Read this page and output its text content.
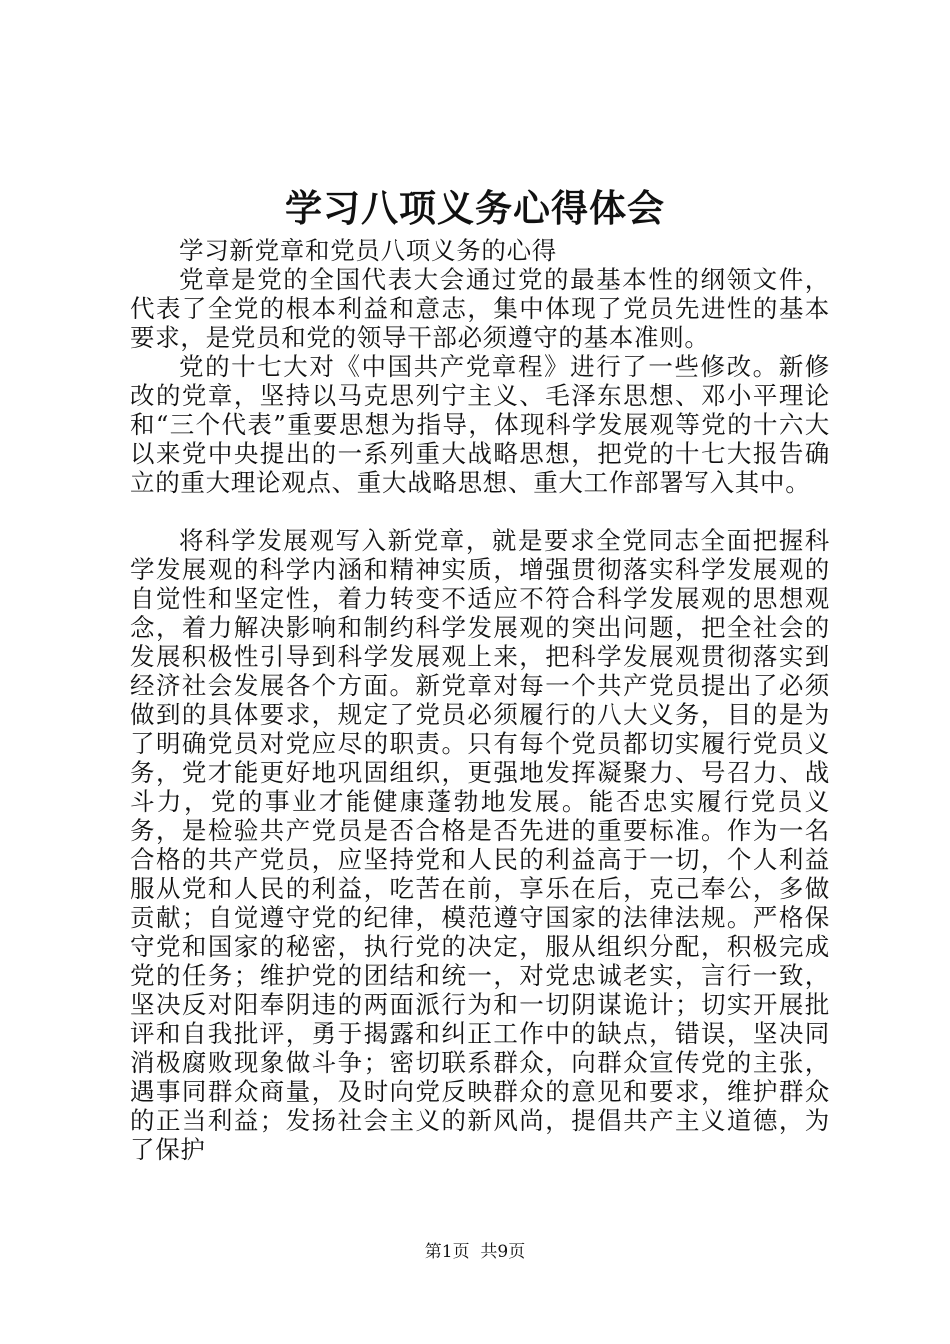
学习八项义务心得体会

学习新党章和党员八项义务的心得

党章是党的全国代表大会通过党的最基本性的纲领文件，代表了全党的根本利益和意志，集中体现了党员先进性的基本要求，是党员和党的领导干部必须遵守的基本准则。

党的十七大对《中国共产党章程》进行了一些修改。新修改的党章，坚持以马克思列宁主义、毛泽东思想、邓小平理论和“三个代表”重要思想为指导，体现科学发展观等党的十六大以来党中央提出的一系列重大战略思想，把党的十七大报告确立的重大理论观点、重大战略思想、重大工作部署写入其中。

将科学发展观写入新党章，就是要求全党同志全面把握科学发展观的科学内涵和精神实质，增强贯彻落实科学发展观的自觉性和坚定性，着力转变不适应不符合科学发展观的思想观念，着力解决影响和制约科学发展观的突出问题，把全社会的发展积极性引导到科学发展观上来，把科学发展观贯彻落实到经济社会发展各个方面。新党章对每一个共产党员提出了必须做到的具体要求，规定了党员必须履行的八大义务，目的是为了明确党员对党应尽的职责。只有每个党员都切实履行党员义务，党才能更好地巩固组织，更强地发挥凝聚力、号召力、战斗力，党的事业才能健康蓬勃地发展。能否忠实履行党员义务，是检验共产党员是否合格是否先进的重要标准。作为一名合格的共产党员，应坚持党和人民的利益高于一切，个人利益服从党和人民的利益，吃苦在前，享乐在后，克己奉公，多做贡献；自觉遵守党的纪律，模范遵守国家的法律法规。严格保守党和国家的秘密，执行党的决定，服从组织分配，积极完成党的任务；维护党的团结和统一，对党忠诚老实，言行一致，坚决反对阳奉阴违的两面派行为和一切阴谋诡计；切实开展批评和自我批评，勇于揭露和纠正工作中的缺点，错误，坚决同消极腐败现象做斗争；密切联系群众，向群众宣传党的主张，遇事同群众商量，及时向党反映群众的意见和要求，维护群众的正当利益；发扬社会主义的新风尚，提倡共产主义道德，为了保护

第1页 共9页
